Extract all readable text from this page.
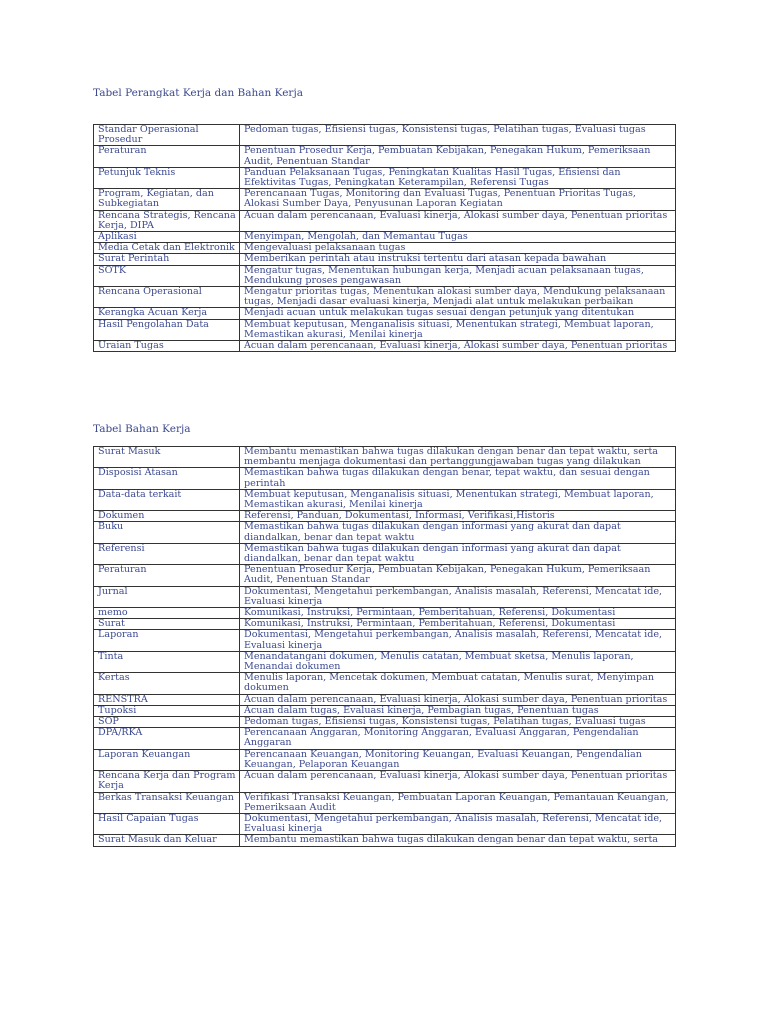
Tabel Perangkat Kerja dan Bahan Kerja
Standar Operasional Prosedur	Pedoman tugas, Efisiensi tugas, Konsistensi tugas, Pelatihan tugas, Evaluasi tugas
Peraturan	Penentuan Prosedur Kerja, Pembuatan Kebijakan, Penegakan Hukum, Pemeriksaan Audit, Penentuan Standar
Petunjuk Teknis	Panduan Pelaksanaan Tugas, Peningkatan Kualitas Hasil Tugas, Efisiensi dan Efektivitas Tugas, Peningkatan Keterampilan, Referensi Tugas
Program, Kegiatan, dan Subkegiatan	Perencanaan Tugas, Monitoring dan Evaluasi Tugas, Penentuan Prioritas Tugas, Alokasi Sumber Daya, Penyusunan Laporan Kegiatan
Rencana Strategis, Rencana Kerja, DIPA	Acuan dalam perencanaan, Evaluasi kinerja, Alokasi sumber daya, Penentuan prioritas
Aplikasi	Menyimpan, Mengolah, dan Memantau Tugas
Media Cetak dan Elektronik	Mengevaluasi pelaksanaan tugas
Surat Perintah	Memberikan perintah atau instruksi tertentu dari atasan kepada bawahan
SOTK	Mengatur tugas, Menentukan hubungan kerja, Menjadi acuan pelaksanaan tugas, Mendukung proses pengawasan
Rencana Operasional	Mengatur prioritas tugas, Menentukan alokasi sumber daya, Mendukung pelaksanaan tugas, Menjadi dasar evaluasi kinerja, Menjadi alat untuk melakukan perbaikan
Kerangka Acuan Kerja	Menjadi acuan untuk melakukan tugas sesuai dengan petunjuk yang ditentukan
Hasil Pengolahan Data	Membuat keputusan, Menganalisis situasi, Menentukan strategi, Membuat laporan, Memastikan akurasi, Menilai kinerja
Uraian Tugas	Acuan dalam perencanaan, Evaluasi kinerja, Alokasi sumber daya, Penentuan prioritas
Tabel Bahan Kerja
Surat Masuk	Membantu memastikan bahwa tugas dilakukan dengan benar dan tepat waktu, serta membantu menjaga dokumentasi dan pertanggungjawaban tugas yang dilakukan
Disposisi Atasan	Memastikan bahwa tugas dilakukan dengan benar, tepat waktu, dan sesuai dengan perintah
Data-data terkait	Membuat keputusan, Menganalisis situasi, Menentukan strategi, Membuat laporan, Memastikan akurasi, Menilai kinerja
Dokumen	Referensi, Panduan, Dokumentasi, Informasi, Verifikasi,Historis
Buku	Memastikan bahwa tugas dilakukan dengan informasi yang akurat dan dapat diandalkan, benar dan tepat waktu
Referensi	Memastikan bahwa tugas dilakukan dengan informasi yang akurat dan dapat diandalkan, benar dan tepat waktu
Peraturan	Penentuan Prosedur Kerja, Pembuatan Kebijakan, Penegakan Hukum, Pemeriksaan Audit, Penentuan Standar
Jurnal	Dokumentasi, Mengetahui perkembangan, Analisis masalah, Referensi, Mencatat ide, Evaluasi kinerja
memo	Komunikasi, Instruksi, Permintaan, Pemberitahuan, Referensi, Dokumentasi
Surat	Komunikasi, Instruksi, Permintaan, Pemberitahuan, Referensi, Dokumentasi
Laporan	Dokumentasi, Mengetahui perkembangan, Analisis masalah, Referensi, Mencatat ide, Evaluasi kinerja
Tinta	Menandatangani dokumen, Menulis catatan, Membuat sketsa, Menulis laporan, Menandai dokumen
Kertas	Menulis laporan, Mencetak dokumen, Membuat catatan, Menulis surat, Menyimpan dokumen
RENSTRA	Acuan dalam perencanaan, Evaluasi kinerja, Alokasi sumber daya, Penentuan prioritas
Tupoksi	Acuan dalam tugas, Evaluasi kinerja, Pembagian tugas, Penentuan tugas
SOP	Pedoman tugas, Efisiensi tugas, Konsistensi tugas, Pelatihan tugas, Evaluasi tugas
DPA/RKA	Perencanaan Anggaran, Monitoring Anggaran, Evaluasi Anggaran, Pengendalian Anggaran
Laporan Keuangan	Perencanaan Keuangan, Monitoring Keuangan, Evaluasi Keuangan, Pengendalian Keuangan, Pelaporan Keuangan
Rencana Kerja dan Program Kerja	Acuan dalam perencanaan, Evaluasi kinerja, Alokasi sumber daya, Penentuan prioritas
Berkas Transaksi Keuangan	Verifikasi Transaksi Keuangan, Pembuatan Laporan Keuangan, Pemantauan Keuangan, Pemeriksaan Audit
Hasil Capaian Tugas	Dokumentasi, Mengetahui perkembangan, Analisis masalah, Referensi, Mencatat ide, Evaluasi kinerja
Surat Masuk dan Keluar	Membantu memastikan bahwa tugas dilakukan dengan benar dan tepat waktu, serta
